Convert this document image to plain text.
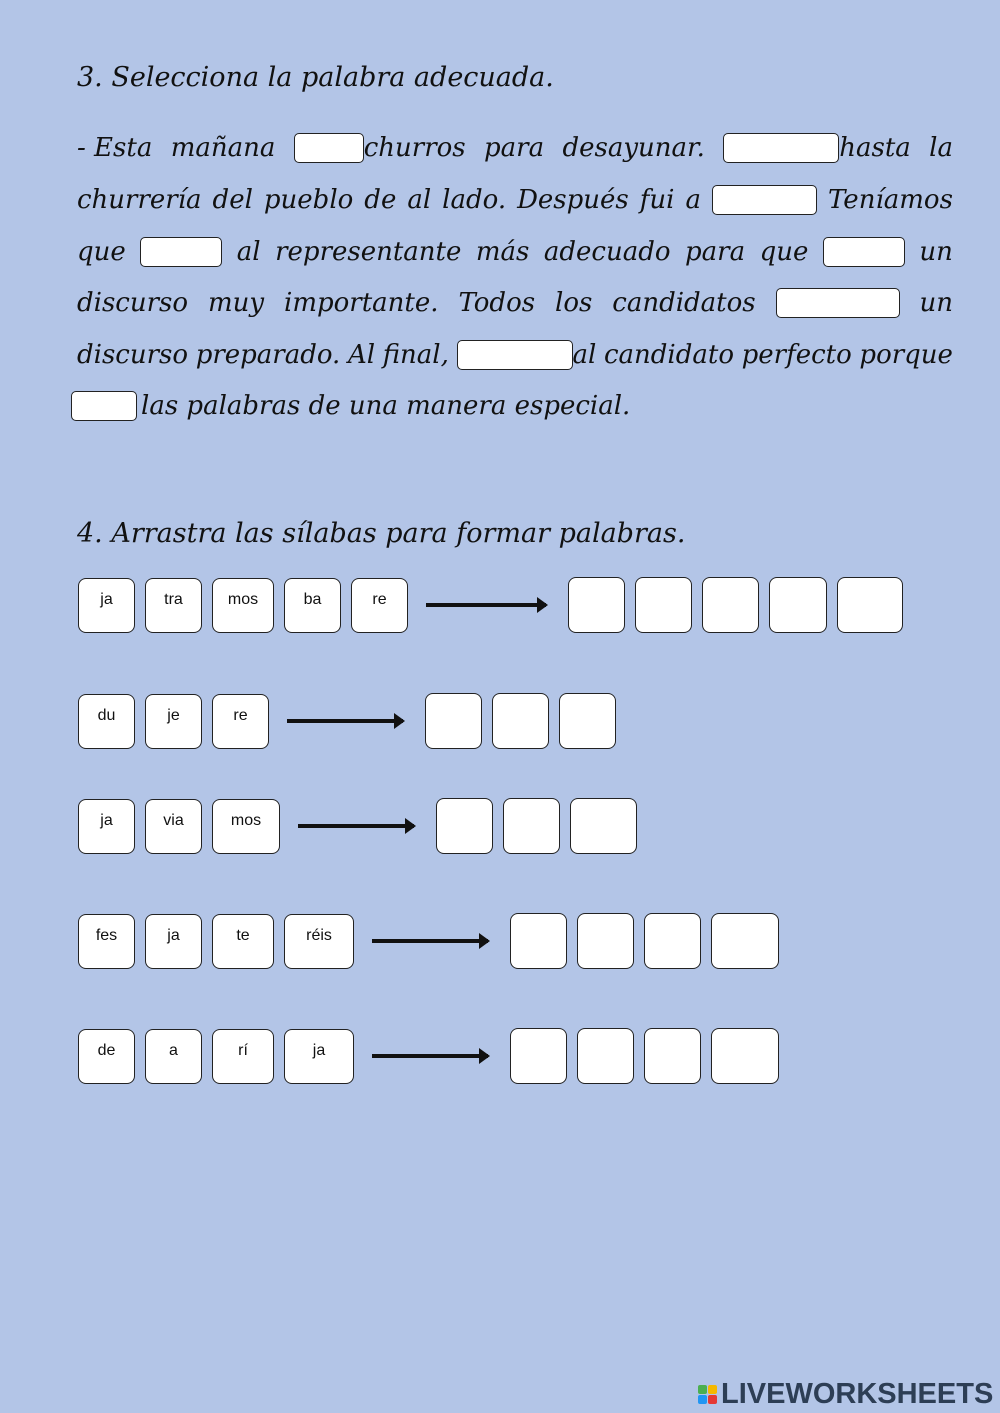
3. Selecciona la palabra adecuada.
- Esta mañana	churros para desayunar.	hasta la
churrería del pueblo de al lado. Después fui a	Teníamos
que	al representante más adecuado para que	un
discurso muy importante. Todos los candidatos	un
discurso preparado. Al final,	al candidato perfecto porque
las palabras de una manera especial.
4. Arrastra las sílabas para formar palabras.
ja	tra	mos	ba	re
du	je	re
ja	via	mos
fes	ja	te	réis
de	a	rí	ja
LIVEWORKSHEETS
